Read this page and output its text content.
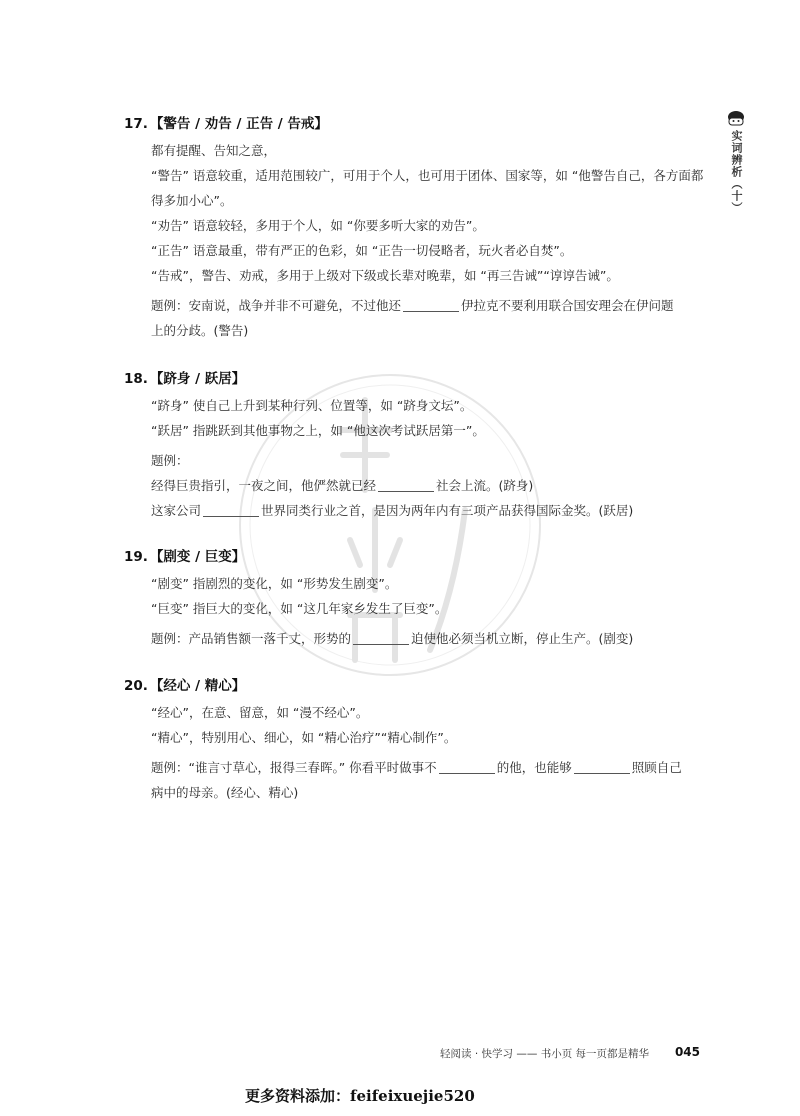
实词辨析（十）
17. 【警告 / 劝告 / 正告 / 告戒】
都有提醒、告知之意，
“警告” 语意较重，适用范围较广，可用于个人，也可用于团体、国家等，如 “他警告自己，各方面都
得多加小心”。
“劝告” 语意较轻，多用于个人，如 “你要多听大家的劝告”。
“正告” 语意最重，带有严正的色彩，如 “正告一切侵略者，玩火者必自焚”。
“告戒”，警告、劝戒，多用于上级对下级或长辈对晚辈，如 “再三告诫”“谆谆告诫”。
题例：安南说，战争并非不可避免，不过他还	伊拉克不要利用联合国安理会在伊问题
上的分歧。(警告)
18. 【跻身 / 跃居】
“跻身” 使自己上升到某种行列、位置等，如 “跻身文坛”。
“跃居” 指跳跃到其他事物之上，如 “他这次考试跃居第一”。
题例：
经得巨贵指引，一夜之间，他俨然就已经	社会上流。(跻身)
这家公司	世界同类行业之首，是因为两年内有三项产品获得国际金奖。(跃居)
19. 【剧变 / 巨变】
“剧变” 指剧烈的变化，如 “形势发生剧变”。
“巨变” 指巨大的变化，如 “这几年家乡发生了巨变”。
题例：产品销售额一落千丈，形势的	迫使他必须当机立断，停止生产。(剧变)
20. 【经心 / 精心】
“经心”，在意、留意，如 “漫不经心”。
“精心”，特别用心、细心，如 “精心治疗”“精心制作”。
题例：“谁言寸草心，报得三春晖。” 你看平时做事不	的他，也能够	照顾自己
病中的母亲。(经心、精心)
轻阅读 · 快学习 —— 书小页 每一页都是精华 045
更多资料添加：feifeixuejie520
